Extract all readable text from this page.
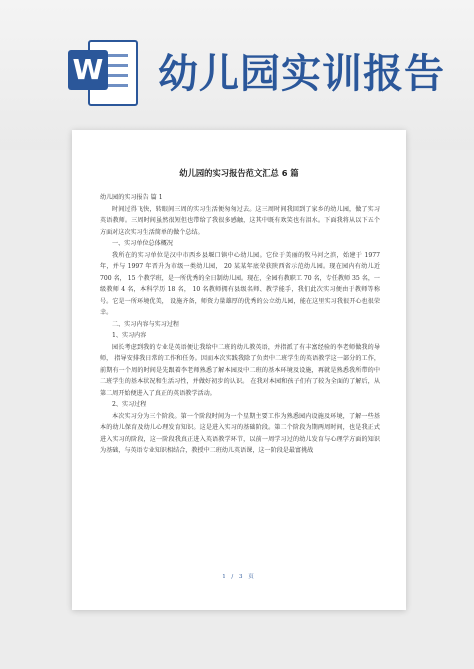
W 幼儿园实训报告
幼儿园的实习报告范文汇总 6 篇

幼儿园的实习报告 篇 1

时间过得飞快，转眼间三周的实习生活便匆匆过去。这三周时间我回到了家乡的幼儿园，做了实习英语教师。三周时间虽然很短但也带给了我很多感触，这其中既有欢笑也有泪水。下面我将从以下五个方面对这次实习生活简单的做个总结。

一、实习单位总体概况

我所在的实习单位是汉中市西乡县堰口镇中心幼儿园。它位于美丽的牧马河之滨，始建于 1977 年，并与 1997 年晋升为市级一类幼儿园， 20 某某年底荣获陕西省示范幼儿园。现在园内有幼儿近 700 名， 15 个教学班，是一所优秀的全日制幼儿园。现在，全园有教职工 70 名，专任教师 35 名，一级教师 4 名，本科学历 18 名， 10 名教师拥有县级名师、教学能手，我们此次实习便由于教师等称号。它是一所环境优美， 设施齐备，师资力量雄厚的优秀的公立幼儿园，能在这里实习我很开心也很荣幸。

二、实习内容与实习过程

1、实习内容

园长考虑到我的专业是英语便让我给中二班的幼儿教英语，并指派了有丰富经验的李老师做我的导师， 指导安排我日常的工作和任务。因而本次实践我除了负责中二班学生的英语教学这一部分的工作，前期有一个周的时间是先跟着李老师熟悉了解本园及中二班的基本环境及设施，再就是熟悉我所带的中二班学生的基本状况和生活习性，并做好初步的认识。 在我对本园和孩子们有了较为全面的了解后，从第二周开始便进入了真正的英语教学活动。

2、实习过程

本次实习分为三个阶段。第一个阶段时间为一个星期主要工作为熟悉园内设施及环境，了解一些基本的幼儿保育及幼儿心理发育知识。这是进入实习的基础阶段。第二个阶段为期两周时间，也是我正式进入实习的阶段，这一阶段我真正进入英语教学环节，以前一周学习过的幼儿发育与心理学方面的知识为基础，与英语专业知识相结合，教授中二班幼儿英语课，这一阶段是最富挑战

1 / 3 页
